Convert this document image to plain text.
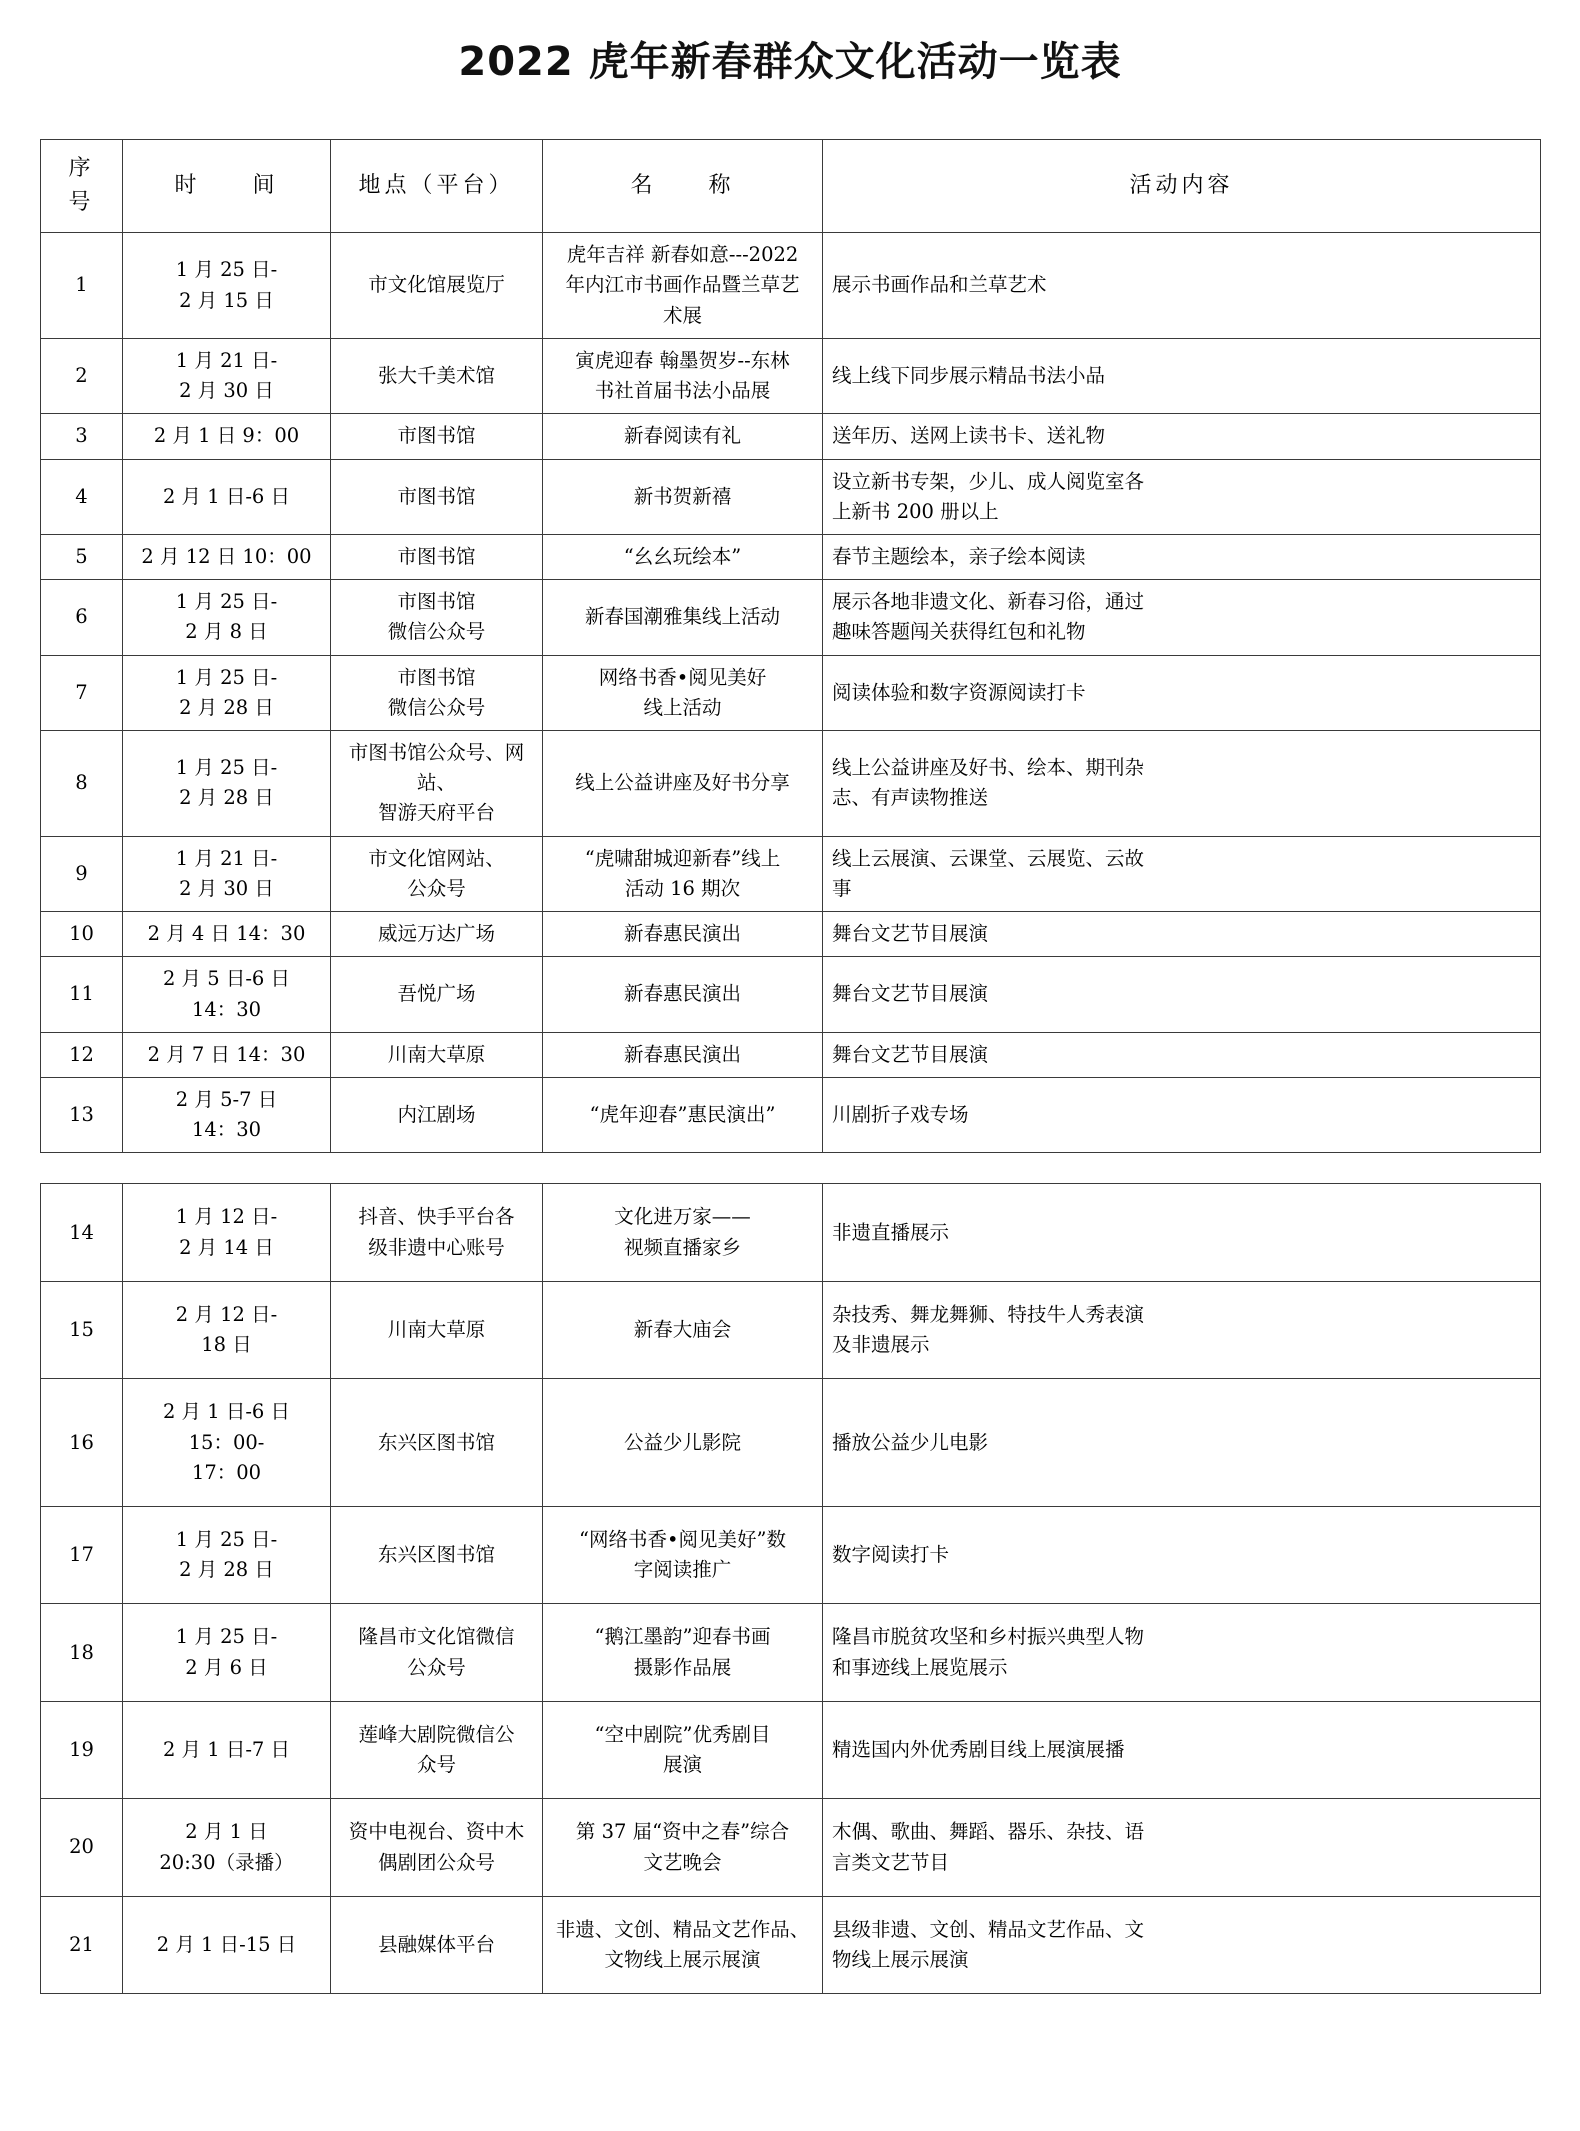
2022 虎年新春群众文化活动一览表
序　号	时　　间	地点（平台）	名　　称	活动内容

1	1 月 25 日-
2 月 15 日	市文化馆展览厅	虎年吉祥 新春如意---2022
年内江市书画作品暨兰草艺
术展	展示书画作品和兰草艺术

2	1 月 21 日-
2 月 30 日	张大千美术馆	寅虎迎春 翰墨贺岁--东林
书社首届书法小品展	线上线下同步展示精品书法小品

3	2 月 1 日 9：00	市图书馆	新春阅读有礼	送年历、送网上读书卡、送礼物

4	2 月 1 日-6 日	市图书馆	新书贺新禧	设立新书专架，少儿、成人阅览室各
上新书 200 册以上

5	2 月 12 日 10：00	市图书馆	“幺幺玩绘本”	春节主题绘本，亲子绘本阅读

6	1 月 25 日-
2 月 8 日	市图书馆
微信公众号	新春国潮雅集线上活动	展示各地非遗文化、新春习俗，通过
趣味答题闯关获得红包和礼物

7	1 月 25 日-
2 月 28 日	市图书馆
微信公众号	网络书香•阅见美好
线上活动	阅读体验和数字资源阅读打卡

8	1 月 25 日-
2 月 28 日	市图书馆公众号、网站、
智游天府平台	线上公益讲座及好书分享	线上公益讲座及好书、绘本、期刊杂
志、有声读物推送

9	1 月 21 日-
2 月 30 日	市文化馆网站、
公众号	“虎啸甜城迎新春”线上
活动 16 期次	线上云展演、云课堂、云展览、云故
事

10	2 月 4 日 14：30	威远万达广场	新春惠民演出	舞台文艺节目展演

11	2 月 5 日-6 日
14：30	吾悦广场	新春惠民演出	舞台文艺节目展演

12	2 月 7 日 14：30	川南大草原	新春惠民演出	舞台文艺节目展演

13	2 月 5-7 日
14：30	内江剧场	“虎年迎春”惠民演出”	川剧折子戏专场
14	1 月 12 日-
2 月 14 日	抖音、快手平台各
级非遗中心账号	文化进万家——
视频直播家乡	非遗直播展示

15	2 月 12 日-
18 日	川南大草原	新春大庙会	杂技秀、舞龙舞狮、特技牛人秀表演
及非遗展示

16	2 月 1 日-6 日
15：00-
17：00	东兴区图书馆	公益少儿影院	播放公益少儿电影

17	1 月 25 日-
2 月 28 日	东兴区图书馆	“网络书香•阅见美好”数
字阅读推广	数字阅读打卡

18	1 月 25 日-
2 月 6 日	隆昌市文化馆微信
公众号	“鹅江墨韵”迎春书画
摄影作品展	隆昌市脱贫攻坚和乡村振兴典型人物
和事迹线上展览展示

19	2 月 1 日-7 日	莲峰大剧院微信公
众号	“空中剧院”优秀剧目
展演	精选国内外优秀剧目线上展演展播

20	2 月 1 日
20:30（录播）	资中电视台、资中木
偶剧团公众号	第 37 届“资中之春”综合
文艺晚会	木偶、歌曲、舞蹈、器乐、杂技、语
言类文艺节目

21	2 月 1 日-15 日	县融媒体平台	非遗、文创、精品文艺作品、
文物线上展示展演	县级非遗、文创、精品文艺作品、文
物线上展示展演
